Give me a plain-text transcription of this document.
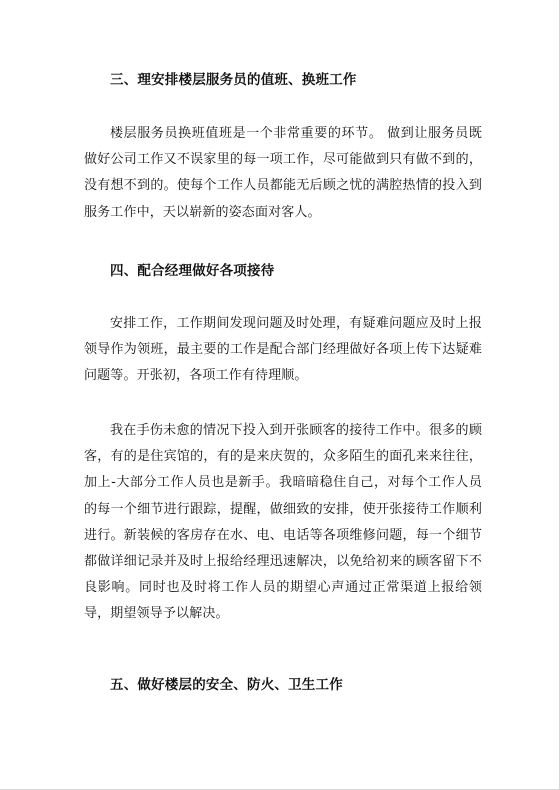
三、理安排楼层服务员的值班、换班工作

楼层服务员换班值班是一个非常重要的环节。 做到让服务员既做好公司工作又不误家里的每一项工作，尽可能做到只有做不到的，没有想不到的。使每个工作人员都能无后顾之忧的满腔热情的投入到服务工作中，天以崭新的姿态面对客人。

四、配合经理做好各项接待

安排工作，工作期间发现问题及时处理，有疑难问题应及时上报领导作为领班，最主要的工作是配合部门经理做好各项上传下达疑难问题等。开张初，各项工作有待理顺。

我在手伤未愈的情况下投入到开张顾客的接待工作中。很多的顾客，有的是住宾馆的，有的是来庆贺的，众多陌生的面孔来来往往，加上-大部分工作人员也是新手。我暗暗稳住自己，对每个工作人员的每一个细节进行跟踪，提醒，做细致的安排，使开张接待工作顺利进行。新装候的客房存在水、电、电话等各项维修问题，每一个细节都做详细记录并及时上报给经理迅速解决，以免给初来的顾客留下不良影响。同时也及时将工作人员的期望心声通过正常渠道上报给领导，期望领导予以解决。

五、做好楼层的安全、防火、卫生工作
